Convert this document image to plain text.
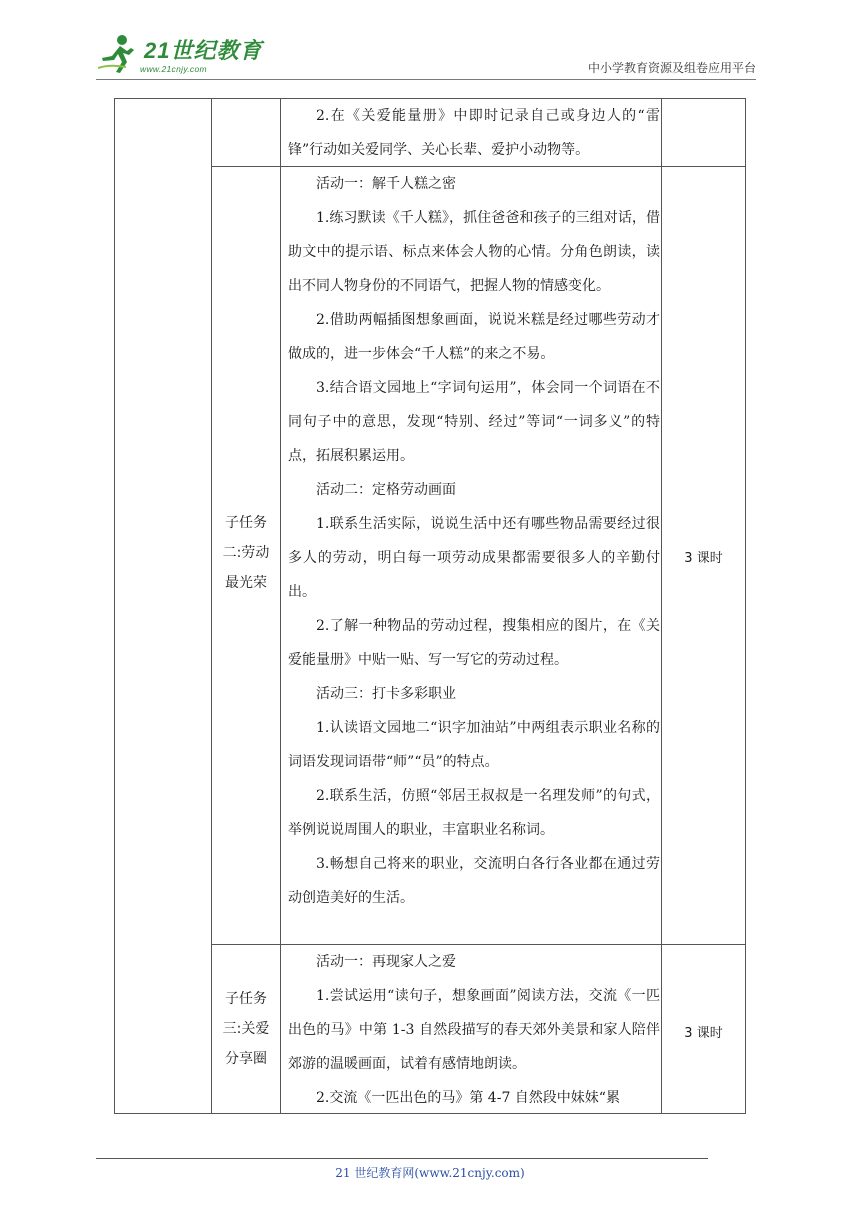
21世纪教育
www.21cnjy.com	中小学教育资源及组卷应用平台

2.在《关爱能量册》中即时记录自己或身边人的“雷锋”行动如关爱同学、关心长辈、爱护小动物等。

子任务
二:劳动
最光荣
3 课时

活动一：解千人糕之密

1.练习默读《千人糕》，抓住爸爸和孩子的三组对话，借助文中的提示语、标点来体会人物的心情。分角色朗读，读出不同人物身份的不同语气，把握人物的情感变化。

2.借助两幅插图想象画面，说说米糕是经过哪些劳动才做成的，进一步体会“千人糕”的来之不易。

3.结合语文园地上“字词句运用”，体会同一个词语在不同句子中的意思，发现“特别、经过”等词“一词多义”的特点，拓展积累运用。

活动二：定格劳动画面

1.联系生活实际，说说生活中还有哪些物品需要经过很多人的劳动，明白每一项劳动成果都需要很多人的辛勤付出。

2.了解一种物品的劳动过程，搜集相应的图片，在《关爱能量册》中贴一贴、写一写它的劳动过程。

活动三：打卡多彩职业

1.认读语文园地二“识字加油站”中两组表示职业名称的词语发现词语带“师”“员”的特点。

2.联系生活，仿照“邻居王叔叔是一名理发师”的句式，举例说说周围人的职业，丰富职业名称词。

3.畅想自己将来的职业，交流明白各行各业都在通过劳动创造美好的生活。

子任务
三:关爱
分享圈
3 课时

活动一：再现家人之爱

1.尝试运用“读句子，想象画面”阅读方法，交流《一匹出色的马》中第 1-3 自然段描写的春天郊外美景和家人陪伴郊游的温暖画面，试着有感情地朗读。

2.交流《一匹出色的马》第 4-7 自然段中妹妹“累

21 世纪教育网(www.21cnjy.com)
